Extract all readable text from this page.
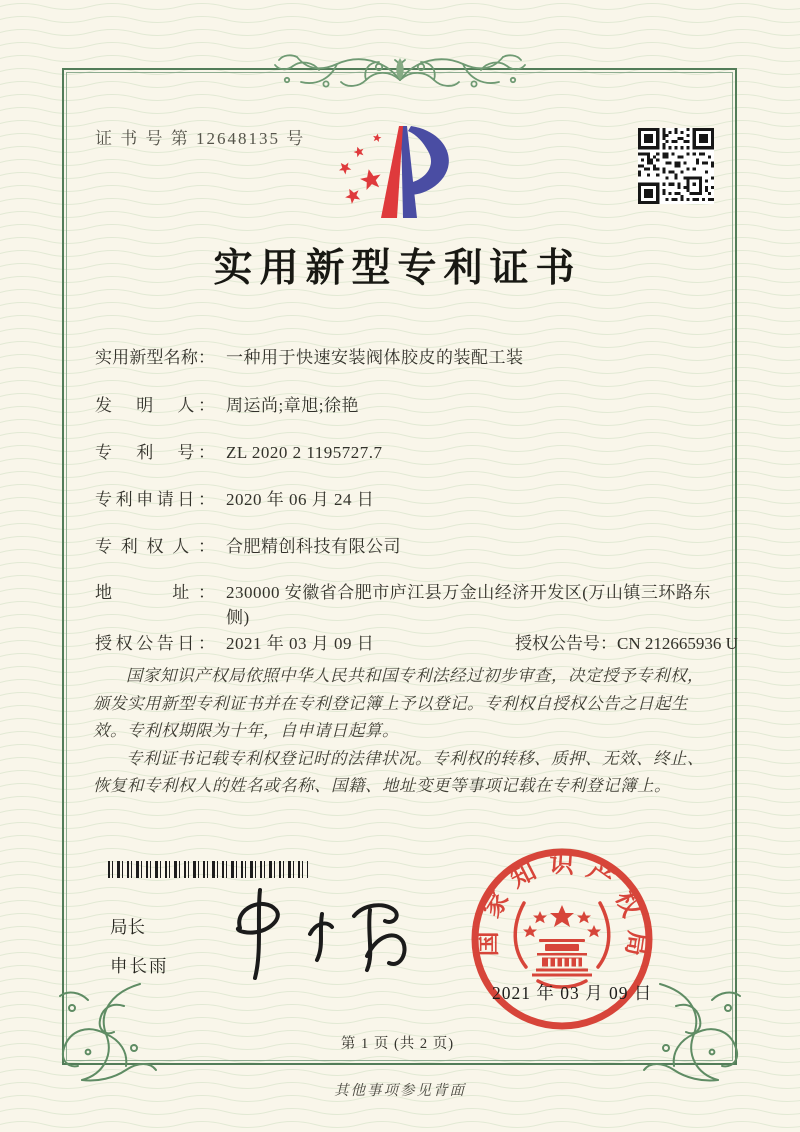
证 书 号 第 12648135 号
实用新型专利证书
实用新型名称： 一种用于快速安装阀体胶皮的装配工装
发　明　人： 周运尚;章旭;徐艳
专　利　号： ZL 2020 2 1195727.7
专利申请日： 2020 年 06 月 24 日
专利权人： 合肥精创科技有限公司
地　　址： 230000 安徽省合肥市庐江县万金山经济开发区(万山镇三环路东侧)
授权公告日： 2021 年 03 月 09 日	授权公告号：CN 212665936 U

国家知识产权局依照中华人民共和国专利法经过初步审查，决定授予专利权，颁发实用新型专利证书并在专利登记簿上予以登记。专利权自授权公告之日起生效。专利权期限为十年，自申请日起算。

专利证书记载专利权登记时的法律状况。专利权的转移、质押、无效、终止、恢复和专利权人的姓名或名称、国籍、地址变更等事项记载在专利登记簿上。

局长
申长雨
国家知识产权局
2021 年 03 月 09 日
第 1 页 (共 2 页)
其他事项参见背面
